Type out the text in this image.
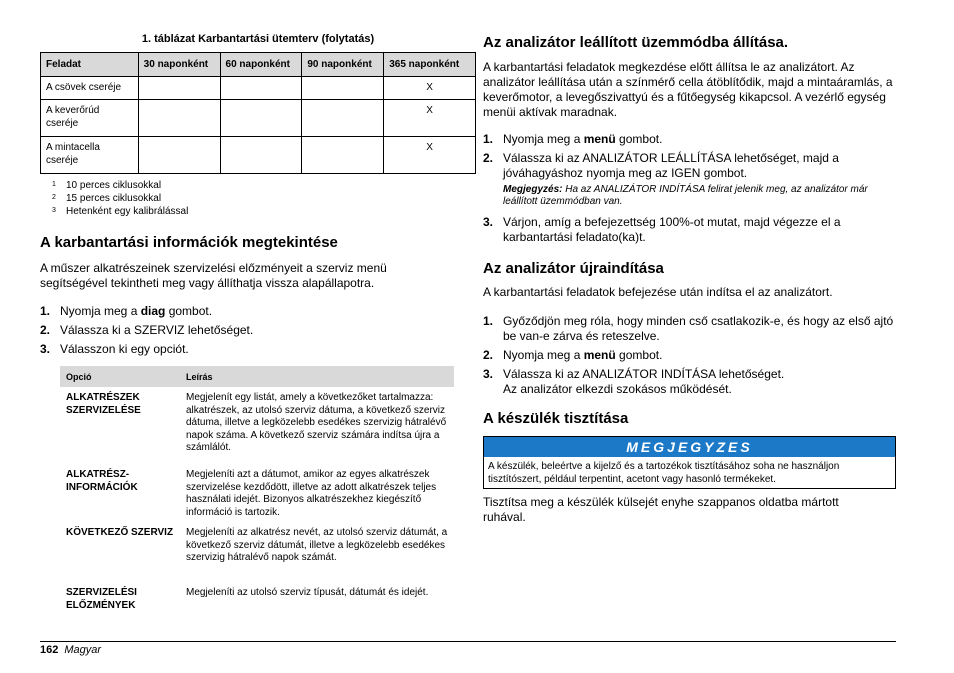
1. táblázat Karbantartási ütemterv (folytatás)
Feladat	30 naponként	60 naponként	90 naponként	365 naponként
A csövek cseréje				X
A keverőrúd cseréje				X
A mintacella cseréje				X
$^1$ 10 perces ciklusokkal
$^2$ 15 perces ciklusokkal
$^3$ Hetenként egy kalibrálással
A karbantartási információk megtekintése

A műszer alkatrészeinek szervizelési előzményeit a szerviz menü segítségével tekintheti meg vagy állíthatja vissza alapállapotra.

1. Nyomja meg a diag gombot.
2. Válassza ki a SZERVIZ lehetőséget.
3. Válasszon ki egy opciót.
Opció	Leírás
ALKATRÉSZEK SZERVIZELÉSE	Megjelenít egy listát, amely a következőket tartalmazza: alkatrészek, az utolsó szerviz dátuma, a következő szerviz dátuma, illetve a legközelebb esedékes szervizig hátralévő napok száma. A következő szerviz számára indítsa újra a számlálót.
ALKATRÉSZ-INFORMÁCIÓK	Megjeleníti azt a dátumot, amikor az egyes alkatrészek szervizelése kezdődött, illetve az adott alkatrészek teljes használati idejét. Bizonyos alkatrészekhez kiegészítő információ is tartozik.
KÖVETKEZŐ SZERVIZ	Megjeleníti az alkatrész nevét, az utolsó szerviz dátumát, a következő szerviz dátumát, illetve a legközelebb esedékes szervizig hátralévő napok számát.
SZERVIZELÉSI ELŐZMÉNYEK	Megjeleníti az utolsó szerviz típusát, dátumát és idejét.
Az analizátor leállított üzemmódba állítása.

A karbantartási feladatok megkezdése előtt állítsa le az analizátort. Az analizátor leállítása után a színmérő cella átöblítődik, majd a mintaáramlás, a keverőmotor, a levegőszivattyú és a fűtőegység kikapcsol. A vezérlő egység menüi aktívak maradnak.

1. Nyomja meg a menü gombot.
2. Válassza ki az ANALIZÁTOR LEÁLLÍTÁSA lehetőséget, majd a jóváhagyáshoz nyomja meg az IGEN gombot.
Megjegyzés: Ha az ANALIZÁTOR INDÍTÁSA felirat jelenik meg, az analizátor már leállított üzemmódban van.
3. Várjon, amíg a befejezettség 100%-ot mutat, majd végezze el a karbantartási feladato(ka)t.
Az analizátor újraindítása

A karbantartási feladatok befejezése után indítsa el az analizátort.

1. Győződjön meg róla, hogy minden cső csatlakozik-e, és hogy az első ajtó be van-e zárva és reteszelve.
2. Nyomja meg a menü gombot.
3. Válassza ki az ANALIZÁTOR INDÍTÁSA lehetőséget.
Az analizátor elkezdi szokásos működését.
A készülék tisztítása
MEGJEGYZES
A készülék, beleértve a kijelző és a tartozékok tisztításához soha ne használjon tisztítószert, például terpentint, acetont vagy hasonló termékeket.

Tisztítsa meg a készülék külsejét enyhe szappanos oldatba mártott ruhával.

162 Magyar
